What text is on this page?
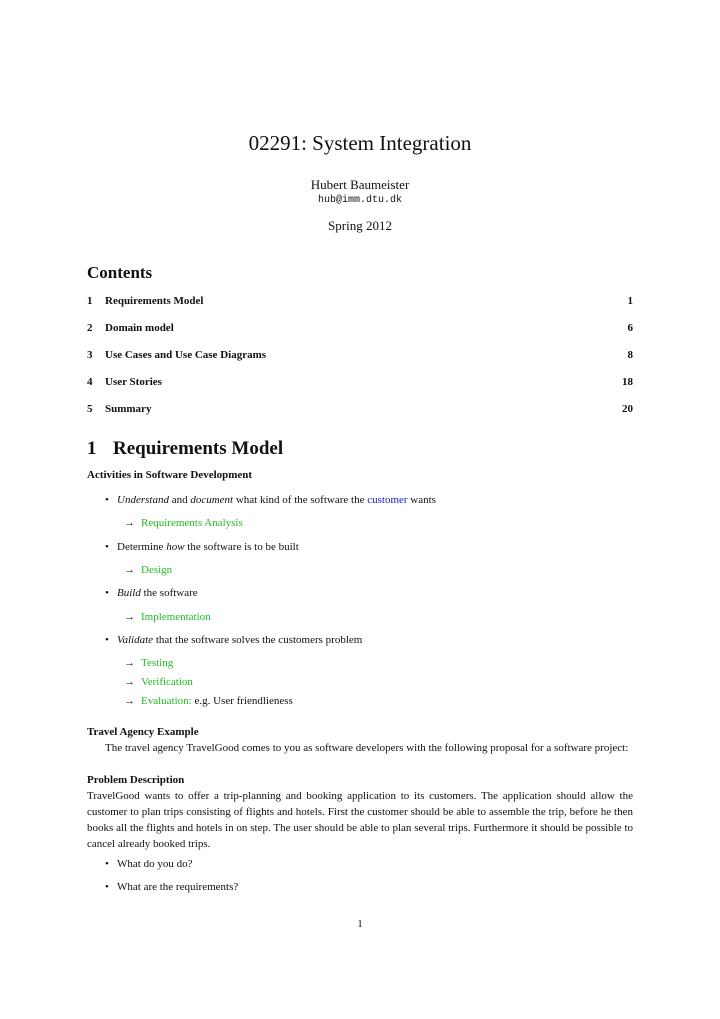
02291: System Integration
Hubert Baumeister
hub@imm.dtu.dk
Spring 2012
Contents
1 Requirements Model	1
2 Domain model	6
3 Use Cases and Use Case Diagrams	8
4 User Stories	18
5 Summary	20
1 Requirements Model
Activities in Software Development
• Understand and document what kind of the software the customer wants
→ Requirements Analysis
• Determine how the software is to be built
→ Design
• Build the software
→ Implementation
• Validate that the software solves the customers problem
→ Testing
→ Verification
→ Evaluation: e.g. User friendlieness
Travel Agency Example
The travel agency TravelGood comes to you as software developers with the following proposal for a software project:
Problem Description
TravelGood wants to offer a trip-planning and booking application to its customers. The application should allow the customer to plan trips consisting of flights and hotels. First the customer should be able to assemble the trip, before he then books all the flights and hotels in on step. The user should be able to plan several trips. Furthermore it should be possible to cancel already booked trips.
• What do you do?
• What are the requirements?
1
